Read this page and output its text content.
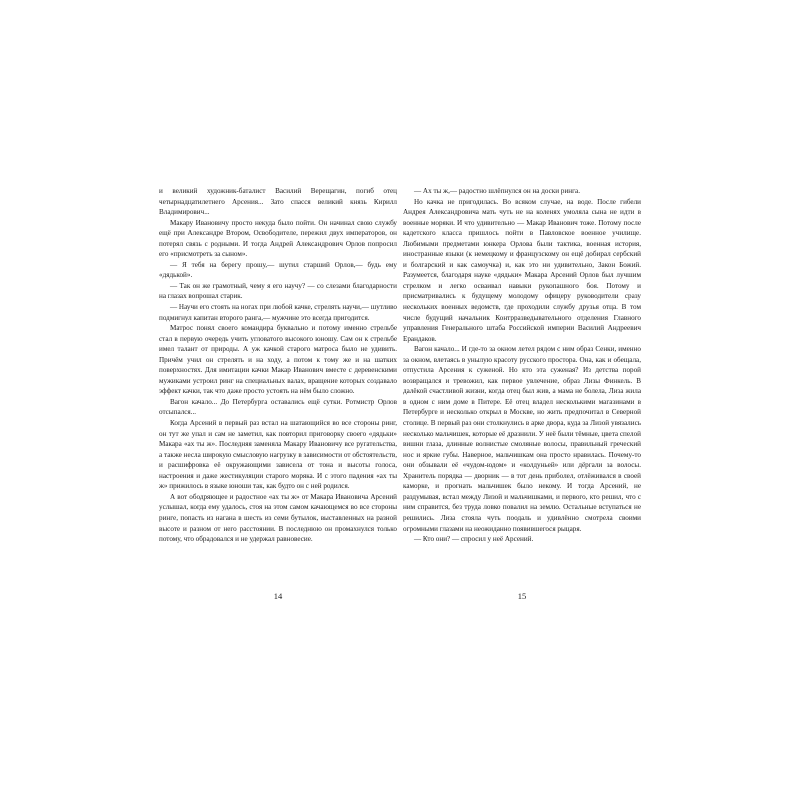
и великий художник-баталист Василий Верещагин, погиб отец четырнадцатилетнего Арсения... Зато спасся великий князь Кирилл Владимирович...

Макару Ивановичу просто некуда было пойти. Он начинал свою службу ещё при Александре Втором, Освободителе, пережил двух императоров, он потерял связь с родными. И тогда Андрей Александрович Орлов попросил его «присмотреть за сыном».

— Я тебя на берегу прошу,— шутил старший Орлов,— будь ему «дядькой».

— Так он же грамотный, чему я его научу? — со слезами благодарности на глазах вопрошал старик.

— Научи его стоять на ногах при любой качке, стрелять научи,— шутливо подмигнул капитан второго ранга,— мужчине это всегда пригодится.

Матрос понял своего командира буквально и потому именно стрельбе стал в первую очередь учить угловатого высокого юношу. Сам он к стрельбе имел талант от природы. А уж качкой старого матроса было не удивить. Причём учил он стрелять и на ходу, а потом к тому же и на шатких поверхностях. Для имитации качки Макар Иванович вместе с деревенскими мужиками устроил ринг на специальных валах, вращение которых создавало эффект качки, так что даже просто устоять на нём было сложно.

Вагон качало... До Петербурга оставались ещё сутки. Ротмистр Орлов отсыпался...

Когда Арсений в первый раз встал на шатающийся во все стороны ринг, он тут же упал и сам не заметил, как повторил приговорку своего «дядьки» Макара «ах ты ж». Последняя заменяла Макару Ивановичу все ругательства, а также несла широкую смысловую нагрузку в зависимости от обстоятельств, и расшифровка её окружающими зависела от тона и высоты голоса, настроения и даже жестикуляции старого моряка. И с этого падения «ах ты ж» прижилось в языке юноши так, как будто он с ней родился.

А вот ободряющее и радостное «ах ты ж» от Макара Ивановича Арсений услышал, когда ему удалось, стоя на этом самом качающемся во все стороны ринге, попасть из нагана в шесть из семи бутылок, выставленных на разной высоте и разном от него расстоянии. В последнюю он промахнулся только потому, что обрадовался и не удержал равновесие.

14

— Ах ты ж,— радостно шлёпнулся он на доски ринга.

Но качка не пригодилась. Во всяком случае, на воде. После гибели Андрея Александровича мать чуть не на коленях умоляла сына не идти в военные моряки. И что удивительно — Макар Иванович тоже. Потому после кадетского класса пришлось пойти в Павловское военное училище. Любимыми предметами юнкера Орлова были тактика, военная история, иностранные языки (к немецкому и французскому он ещё добирал сербский и болгарский и как самоучка) и, как это ни удивительно, Закон Божий. Разумеется, благодаря науке «дядьки» Макара Арсений Орлов был лучшим стрелком и легко осваивал навыки рукопашного боя. Потому и присматривались к будущему молодому офицеру руководители сразу нескольких военных ведомств, где проходили службу друзья отца. В том числе будущий начальник Контрразведывательного отделения Главного управления Генерального штаба Российской империи Василий Андреевич Ерандаков.

Вагон качало... И где-то за окном летел рядом с ним образ Сенки, именно за окном, влетаясь в унылую красоту русского простора. Она, как и обещала, отпустила Арсения к суженой. Но кто эта суженая? Из детства порой возвращался и тревожил, как первое увлечение, образ Лизы Финкель. В далёкой счастливой жизни, когда отец был жив, а мама не болела, Лиза жила в одном с ним доме в Питере. Её отец владел несколькими магазинами в Петербурге и несколько открыл в Москве, но жить предпочитал в Северной столице. В первый раз они столкнулись в арке двора, куда за Лизой увязались несколько мальчишек, которые её дразнили. У неё были тёмные, цвета спелой вишни глаза, длинные волнистые смоляные волосы, правильный греческий нос и яркие губы. Наверное, мальчишкам она просто нравилась. Почему-то они обзывали её «чудом-юдом» и «колдуньей» или дёргали за волосы. Хранитель порядка — дворник — в тот день приболел, отлёживался в своей каморке, и прогнать мальчишек было некому. И тогда Арсений, не раздумывая, встал между Лизой и мальчишками, и первого, кто решил, что с ним справится, без труда ловко повалил на землю. Остальные вступаться не решились. Лиза стояла чуть поодаль и удивлённо смотрела своими огромными глазами на неожиданно появившегося рыцаря.

— Кто они? — спросил у неё Арсений.

15
